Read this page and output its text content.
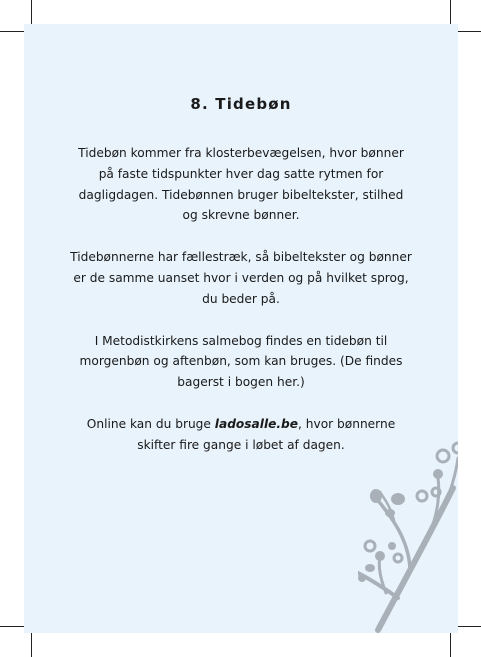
8. Tidebøn

Tidebøn kommer fra klosterbevægelsen, hvor bønner på faste tidspunkter hver dag satte rytmen for dagligdagen. Tidebønnen bruger bibeltekster, stilhed og skrevne bønner.

Tidebønnerne har fællestræk, så bibeltekster og bønner er de samme uanset hvor i verden og på hvilket sprog, du beder på.

I Metodistkirkens salmebog findes en tidebøn til morgenbøn og aftenbøn, som kan bruges. (De findes bagerst i bogen her.)

Online kan du bruge ladosalle.be, hvor bønnerne skifter fire gange i løbet af dagen.
